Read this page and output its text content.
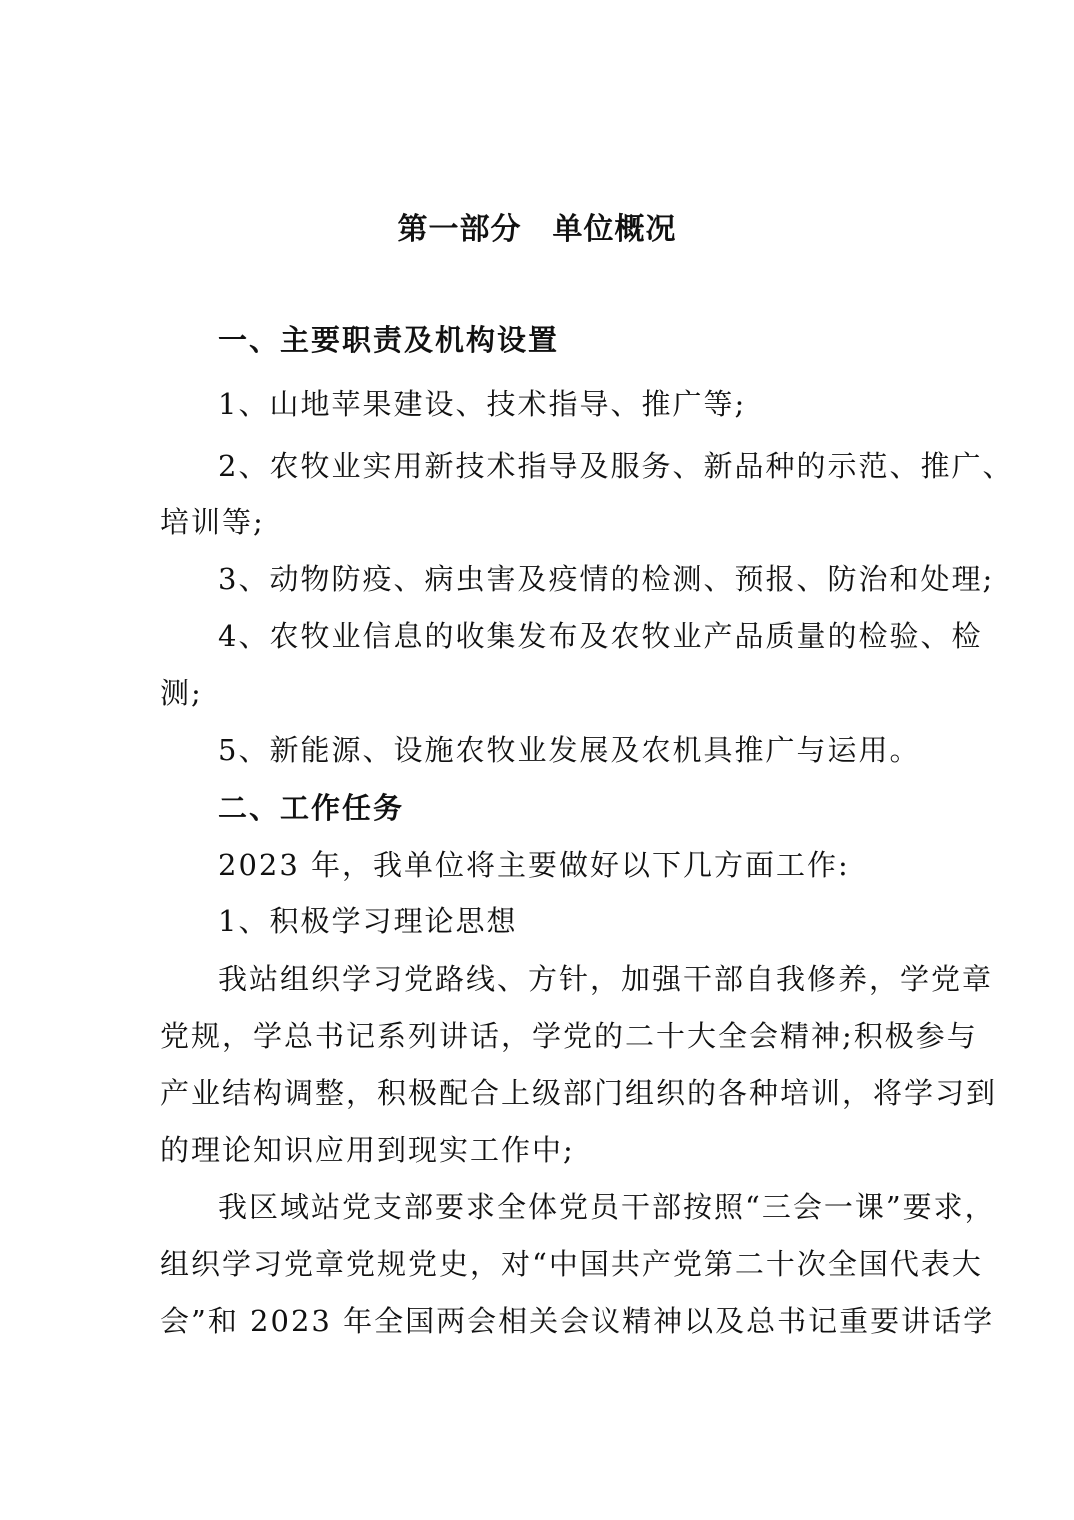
第一部分　单位概况
一、主要职责及机构设置
1、山地苹果建设、技术指导、推广等;
2、农牧业实用新技术指导及服务、新品种的示范、推广、
培训等;
3、动物防疫、病虫害及疫情的检测、预报、防治和处理;
4、农牧业信息的收集发布及农牧业产品质量的检验、检
测;
5、新能源、设施农牧业发展及农机具推广与运用。
二、工作任务
2023 年，我单位将主要做好以下几方面工作:
1、积极学习理论思想
我站组织学习党路线、方针，加强干部自我修养，学党章
党规，学总书记系列讲话，学党的二十大全会精神;积极参与
产业结构调整，积极配合上级部门组织的各种培训，将学习到
的理论知识应用到现实工作中;
我区域站党支部要求全体党员干部按照“三会一课”要求，
组织学习党章党规党史，对“中国共产党第二十次全国代表大
会”和 2023 年全国两会相关会议精神以及总书记重要讲话学
